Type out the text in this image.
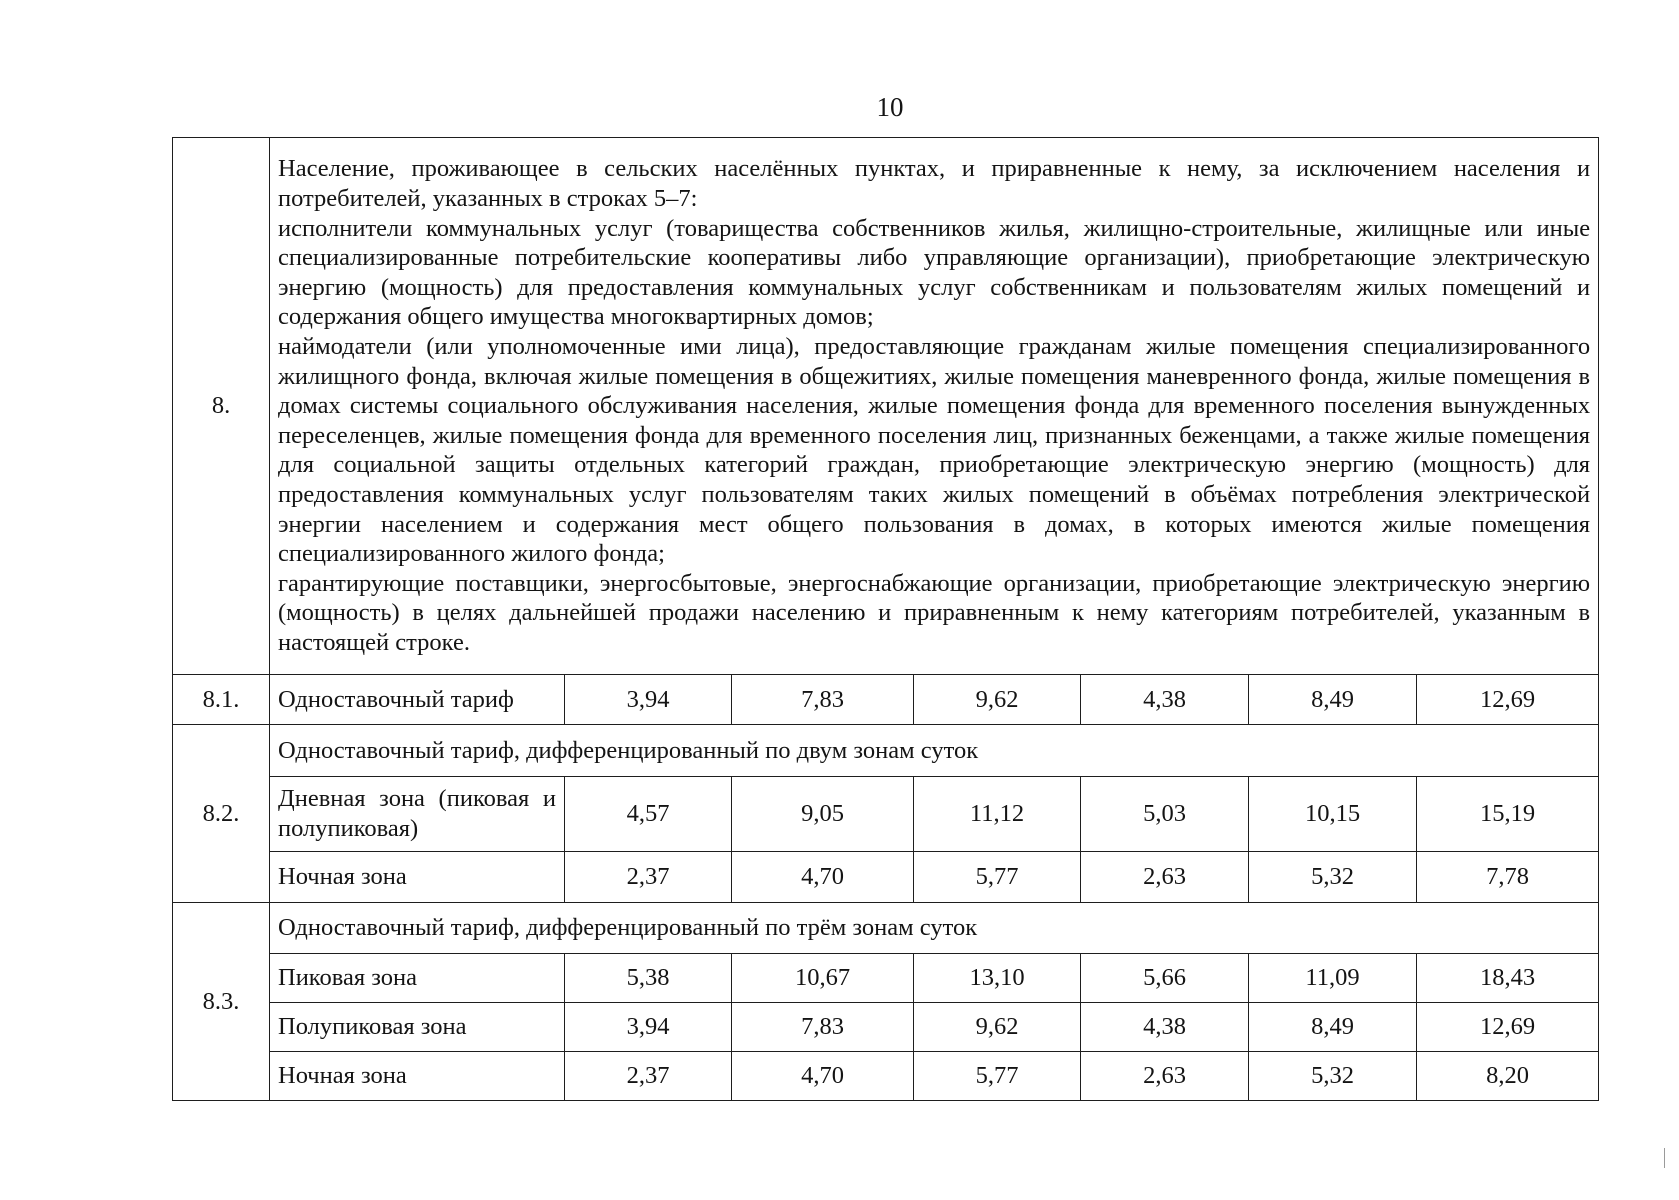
10
8.	Население, проживающее в сельских населённых пунктах, и приравненные к нему, за исключением населения и потребителей, указанных в строках 5–7:

исполнители коммунальных услуг (товарищества собственников жилья, жилищно-строительные, жилищные или иные специализированные потребительские кооперативы либо управляющие организации), приобретающие электрическую энергию (мощность) для предоставления коммунальных услуг собственникам и пользователям жилых помещений и содержания общего имущества многоквартирных домов;

наймодатели (или уполномоченные ими лица), предоставляющие гражданам жилые помещения специализированного жилищного фонда, включая жилые помещения в общежитиях, жилые помещения маневренного фонда, жилые помещения в домах системы социального обслуживания населения, жилые помещения фонда для временного поселения вынужденных переселенцев, жилые помещения фонда для временного поселения лиц, признанных беженцами, а также жилые помещения для социальной защиты отдельных категорий граждан, приобретающие электрическую энергию (мощность) для предоставления коммунальных услуг пользователям таких жилых помещений в объёмах потребления электрической энергии населением и содержания мест общего пользования в домах, в которых имеются жилые помещения специализированного жилого фонда;

гарантирующие поставщики, энергосбытовые, энергоснабжающие организации, приобретающие электрическую энергию (мощность) в целях дальнейшей продажи населению и приравненным к нему категориям потребителей, указанным в настоящей строке.						

8.1.	Одноставочный тариф	3,94	7,83	9,62	4,38	8,49	12,69
8.2.	Одноставочный тариф, дифференцированный по двум зонам суток						
	Дневная зона (пиковая и полупиковая)	4,57	9,05	11,12	5,03	10,15	15,19
	Ночная зона	2,37	4,70	5,77	2,63	5,32	7,78
8.3.	Одноставочный тариф, дифференцированный по трём зонам суток						
	Пиковая зона	5,38	10,67	13,10	5,66	11,09	18,43
	Полупиковая зона	3,94	7,83	9,62	4,38	8,49	12,69
	Ночная зона	2,37	4,70	5,77	2,63	5,32	8,20
